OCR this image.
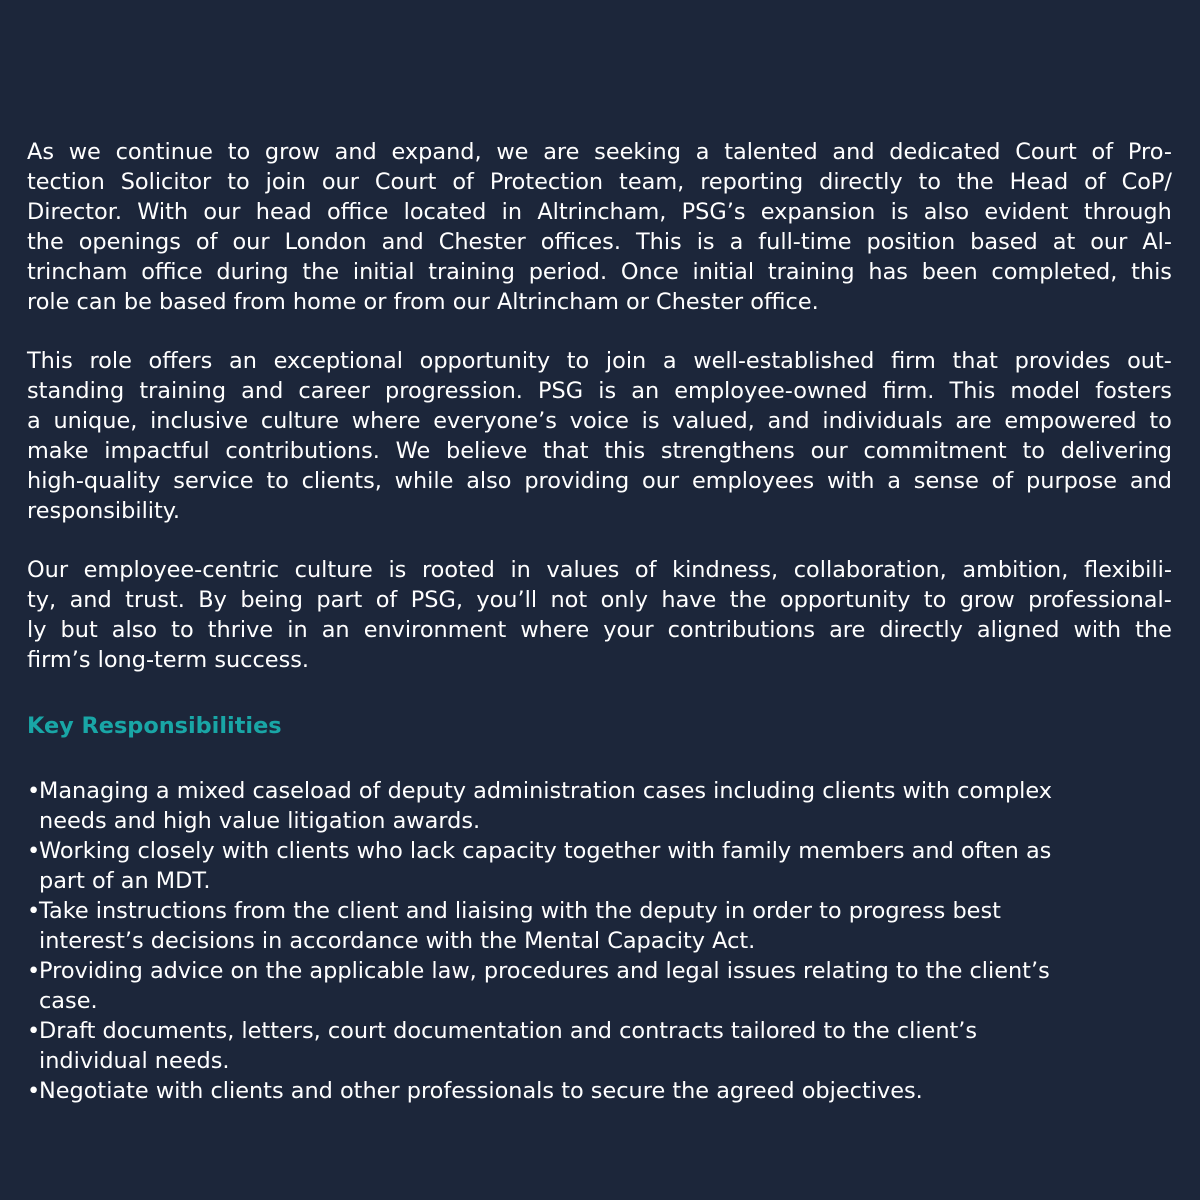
As we continue to grow and expand, we are seeking a talented and dedicated Court of Pro-
tection Solicitor to join our Court of Protection team, reporting directly to the Head of CoP/
Director. With our head office located in Altrincham, PSG’s expansion is also evident through
the openings of our London and Chester offices. This is a full-time position based at our Al-
trincham office during the initial training period. Once initial training has been completed, this
role can be based from home or from our Altrincham or Chester office.
This role offers an exceptional opportunity to join a well-established firm that provides out-
standing training and career progression. PSG is an employee-owned firm. This model fosters
a unique, inclusive culture where everyone’s voice is valued, and individuals are empowered to
make impactful contributions. We believe that this strengthens our commitment to delivering
high-quality service to clients, while also providing our employees with a sense of purpose and
responsibility.
Our employee-centric culture is rooted in values of kindness, collaboration, ambition, flexibili-
ty, and trust. By being part of PSG, you’ll not only have the opportunity to grow professional-
ly but also to thrive in an environment where your contributions are directly aligned with the
firm’s long-term success.
Key Responsibilities
•
Managing a mixed caseload of deputy administration cases including clients with complex
needs and high value litigation awards.
•
Working closely with clients who lack capacity together with family members and often as
part of an MDT.
•
Take instructions from the client and liaising with the deputy in order to progress best
interest’s decisions in accordance with the Mental Capacity Act.
•
Providing advice on the applicable law, procedures and legal issues relating to the client’s
case.
•
Draft documents, letters, court documentation and contracts tailored to the client’s
individual needs.
•
Negotiate with clients and other professionals to secure the agreed objectives.
